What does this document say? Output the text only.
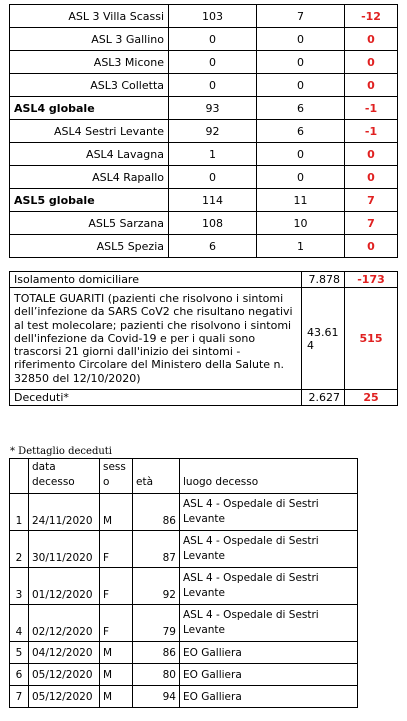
ASL 3 Villa Scassi	103	7	-12
ASL 3 Gallino	0	0	0
ASL3 Micone	0	0	0
ASL3 Colletta	0	0	0
ASL4 globale	93	6	-1
ASL4 Sestri Levante	92	6	-1
ASL4 Lavagna	1	0	0
ASL4 Rapallo	0	0	0
ASL5 globale	114	11	7
ASL5 Sarzana	108	10	7
ASL5 Spezia	6	1	0
Isolamento domiciliare	7.878	-173
TOTALE GUARITI (pazienti che risolvono i sintomi dell’infezione da SARS CoV2 che risultano negativi al test molecolare; pazienti che risolvono i sintomi dell'infezione da Covid-19 e per i quali sono trascorsi 21 giorni dall'inizio dei sintomi - riferimento Circolare del Ministero della Salute n. 32850 del 12/10/2020)	43.614	515
Deceduti*	2.627	25
* Dettaglio deceduti
	data decesso	sesso	età	luogo decesso
1	24/11/2020	M	86	ASL 4 - Ospedale di Sestri Levante
2	30/11/2020	F	87	ASL 4 - Ospedale di Sestri Levante
3	01/12/2020	F	92	ASL 4 - Ospedale di Sestri Levante
4	02/12/2020	F	79	ASL 4 - Ospedale di Sestri Levante
5	04/12/2020	M	86	EO Galliera
6	05/12/2020	M	80	EO Galliera
7	05/12/2020	M	94	EO Galliera
